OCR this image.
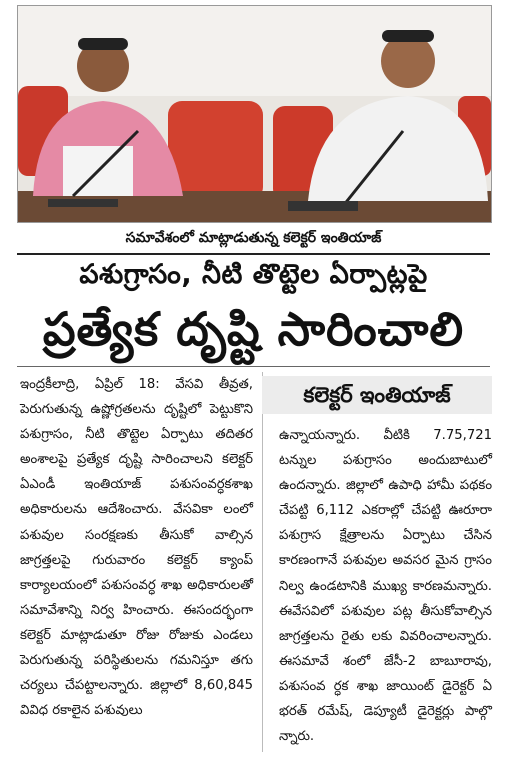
సమావేశంలో మాట్లాడుతున్న కలెక్టర్ ఇంతియాజ్
పశుగ్రాసం, నీటి తొట్టెల ఏర్పాట్లపై
ప్రత్యేక దృష్టి సారించాలి

ఇంద్రకీలాద్రి, ఏప్రిల్ 18: వేసవి తీవ్రత, పెరుగుతున్న ఉష్ణోగ్రతలను దృష్టిలో పెట్టుకొని పశుగ్రాసం, నీటి తొట్టెల ఏర్పాటు తదితర అంశాలపై ప్రత్యేక దృష్టి సారించాలని కలెక్టర్ ఏఎండీ ఇంతియాజ్ పశుసంవర్ధకశాఖ అధికారులను ఆదేశించారు. వేసవికా లంలో పశువుల సంరక్షణకు తీసుకో వాల్సిన జాగ్రత్తలపై గురువారం కలెక్టర్ క్యాంప్ కార్యాలయంలో పశుసంవర్ధ శాఖ అధికారులతో సమావేశాన్ని నిర్వ హించారు. ఈసందర్భంగా కలెక్టర్ మాట్లాడుతూ రోజు రోజుకు ఎండలు పెరుగుతున్న పరిస్థితులను గమనిస్తూ తగు చర్యలు చేపట్టాలన్నారు. జిల్లాలో 8,60,845 వివిధ రకాలైన పశువులు

కలెక్టర్ ఇంతియాజ్

ఉన్నాయన్నారు. వీటికి 7.75,721 టన్నుల పశుగ్రాసం అందుబాటులో ఉందన్నారు. జిల్లాలో ఉపాధి హామీ పథకం చేపట్టి 6,112 ఎకరాల్లో చేపట్టి ఊరూరా పశుగ్రాస క్షేత్రాలను ఏర్పాటు చేసిన కారణంగానే పశువుల అవసర మైన గ్రాసం నిల్వ ఉండటానికి ముఖ్య కారణమన్నారు. ఈవేసవిలో పశువుల పట్ల తీసుకోవాల్సిన జాగ్రత్తలను రైతు లకు వివరించాలన్నారు. ఈసమావే శంలో జేసీ-2 బాబూరావు, పశుసంవ ర్ధక శాఖ జాయింట్ డైరెక్టర్ ఏ భరత్ రమేష్, డెప్యూటీ డైరెక్టర్లు పాల్గొ న్నారు.
